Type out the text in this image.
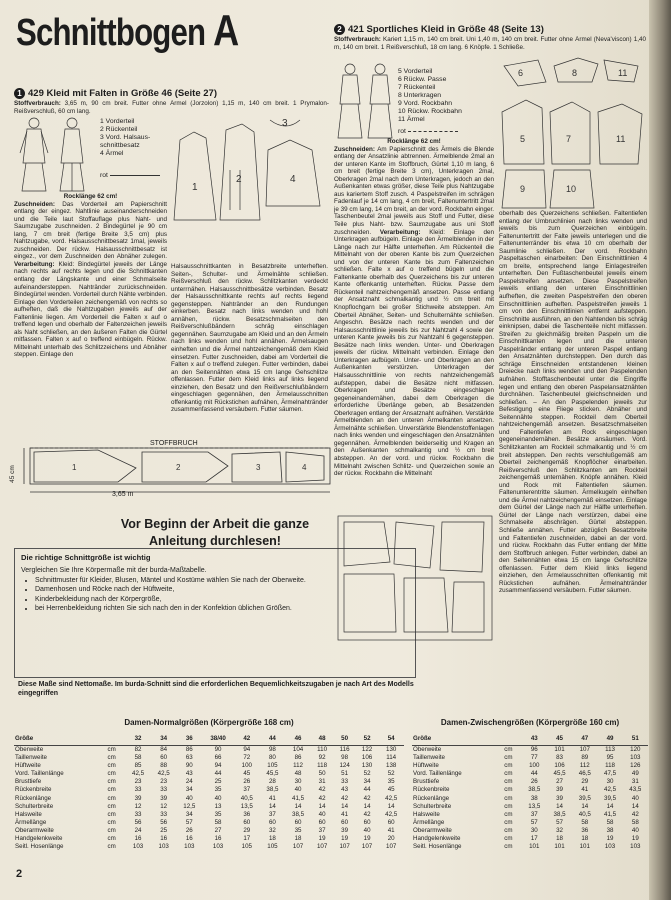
Schnittbogen A
1 429 Kleid mit Falten in Größe 46 (Seite 27)
Stoffverbrauch: 3,65 m, 90 cm breit. Futter ohne Ärmel (Jorzolon) 1,15 m, 140 cm breit. 1 Prymalon-Reißverschluß, 60 cm lang.
1 Vorderteil
2 Rückenteil
3 Vord. Halsaus-
schnittbesatz
4 Ärmel
rot
1
2	4
3
Rocklänge 62 cm!
Zuschneiden: Das Vorderteil am Papierschnitt entlang der eingez. Nahtlinie auseinanderschneiden und die Teile laut Stoffauflage plus Naht- und Saumzugabe zuschneiden. 2 Bindegürtel je 90 cm lang, 7 cm breit (fertige Breite 3,5 cm) plus Nahtzugabe, vord. Halsausschnittbesatz 1mal, jeweils zuschneiden. Der rückw. Halsausschnittbesatz ist eingez., vor dem Zuschneiden den Abnäher zulegen. Verarbeitung: Kleid: Bindegürtel jeweils der Länge nach rechts auf rechts legen und die Schnittkanten entlang der Längskante und einer Schmalseite aufeinandersteppen. Nahtränder zurückschneiden. Bindegürtel wenden. Vorderteil durch Nähte verbinden. Einlage den Vorderteilen zeichengemäß von rechts so aufheften, daß die Nahtzugaben jeweils auf der Faltenlinie liegen. Am Vorderteil die Falten x auf o treffend legen und oberhalb der Faltenzeichen jeweils als Naht schließen, an den äußeren Falten die Gürtel mitfassen. Falten x auf o treffend einbügeln. Rückw. Mittelnaht unterhalb des Schlitzzeichens und Abnäher steppen. Einlage den
Halsausschnittkanten in Besatzbreite unterheften. Seiten-, Schulter- und Ärmelnähte schließen. Reißverschluß den rückw. Schlitzkanten verdeckt unterrnähen. Halsausschnittbesätze verbinden. Besatz der Halsausschnittkante rechts auf rechts liegend gegensteppen. Nahtränder an den Rundungen einkerben. Besatz nach links wenden und hohl annähen, rückw. Besatzschmalseiten den Reißverschlußbändern schräg einschlagen gegennähen. Saumzugabe am Kleid und an den Ärmeln nach links wenden und hohl annähen. Ärmelsaugen einheften und die Ärmel nahtzeichengemäß dem Kleid einsetzen. Futter zuschneiden, dabei am Vorderteil die Falten x auf o treffend zulegen. Futter verbinden, dabei an den Seitennähten etwa 15 cm lange Gehschlitze offenlassen. Futter dem Kleid links auf links liegend einziehen, den Besatz und den Reißverschlußbändern eingeschlagen gegennähen, den Ärmelausschnitten offenkantig mit Rückstichen aufnähen, Ärmelnahtränder zusammenfassend versäubern. Futter säumen.
1	2	3	4
STOFFBRUCH
45 cm
3,65 m
Vor Beginn der Arbeit die ganze
Anleitung durchlesen!
Die richtige Schnittgröße ist wichtig
Vergleichen Sie Ihre Körpermaße mit der burda-Maßtabelle.
• Schnittmuster für Kleider, Blusen, Mäntel und Kostüme wählen Sie nach der Oberweite.
• Damenhosen und Röcke nach der Hüftweite,
• Kinderbekleidung nach der Körpergröße,
• bei Herrenbekleidung richten Sie sich nach den in der Konfektion üblichen Größen.
Diese Maße sind Nettomaße. Im burda-Schnitt sind die erforderlichen Bequemlichkeitszugaben je nach Art des Modells eingegriffen
2 421 Sportliches Kleid in Größe 48 (Seite 13)
Stoffverbrauch: Kariert 1,15 m, 140 cm breit. Uni 1,40 m, 140 cm breit. Futter ohne Ärmel (Neva'viscon) 1,40 m, 140 cm breit. 1 Reißverschluß, 18 cm lang. 6 Knöpfe. 1 Schließe.
5 Vorderteil
6 Rückw. Passe
7 Rückenteil
8 Unterkragen
9 Vord. Rockbahn
10 Rückw. Rockbahn
11 Ärmel
rot
6	8	11
5	7	11
9	10
Rocklänge 62 cm!
Zuschneiden: Am Papierschnitt des Ärmels die Blende entlang der Ansatzlinie abtrennen. Ärmelblende 2mal an der unteren Kante im Stoffbruch, Gürtel 1,10 m lang, 6 cm breit (fertige Breite 3 cm), Unterkragen 2mal, Oberkragen 2mal nach dem Unterkragen, jedoch an den Außenkanten etwas größer, diese Teile plus Nahtzugabe aus kariertem Stoff zusch. 4 Paspelstreifen im schrägen Fadenlauf je 14 cm lang, 4 cm breit, Faltenuntertritt 2mal je 39 cm lang, 14 cm breit, an der vord. Rockbahn einger. Taschenbeutel 2mal jeweils aus Stoff und Futter, diese Teile plus Naht- bzw. Saumzugabe aus uni Stoff zuschneiden. Verarbeitung: Kleid: Einlage den Unterkragen aufbügeln. Einlage den Ärmelblenden in der Länge nach zur Hälfte unterheften. Am Rückenteil die Mittelnaht von der oberen Kante bis zum Querzeichen und von der unteren Kante bis zum Faltenzeichen schließen. Falte x auf o treffend bügeln und die Faltenkante oberhalb des Querzeichens bis zur unteren Kante offenkantig unterheften. Rückw. Passe dem Rückenteil nahtzeichengemäß ansetzen. Passe entlang der Ansatznaht schmalkantig und ½ cm breit mit Knopflochgarn bei großer Stichweite absteppen. Am Oberteil Abnäher, Seiten- und Schulternähte schließen. Angeschn. Besätze nach rechts wenden und der Halsausschnittlinie jeweils bis zur Nahtzahl 4 sowie der unteren Kante jeweils bis zur Nahtzahl 6 gegensteppen. Besätze nach links wenden. Unter- und Oberkragen jeweils der rückw. Mittelnaht verbinden. Einlage den Unterkragen aufbügeln. Unter- und Oberkragen an den Außenkanten verstürzen. Unterkragen der Halsausschnittlinie von rechts nahtzeichengemäß aufsteppen, dabei die Besätze nicht mitfassen. Oberkragen und Besätze eingeschlagen gegeneinandernähen, dabei dem Oberkragen die erforderliche Überlänge geben, ab Besatzenden Oberkragen entlang der Ansatznaht aufnähen. Verstärkte Ärmelblenden an den unteren Ärmelkanten ansetzen. Ärmelnähte schließen. Unverstärkte Blendenstoffenlagen nach links wenden und eingeschlagen den Ansatznähten gegennähen. Ärmelblenden beiderseitig und Kragen an den Außenkanten schmalkantig und ½ cm breit absteppen. An der vord. und rückw. Rockbahn die Mittelnaht zwischen Schlitz- und Querzeichen sowie an der rückw. Rockbahn die Mittelnaht
oberhalb des Querzeichens schließen. Faltentiefen entlang der Umbruchlinien nach links wenden und jeweils bis zum Querzeichen einbügeln. Faltenuntertritt der Falte jeweils unterlegen und die Faltenunterränder bis etwa 10 cm oberhalb der Saumlinie schließen. Der vord. Rockbahn Paspeltaschen einarbeiten: Den Einschnittlinien 4 cm breite, entsprechend lange Einlagestreifen unterheften. Den Fußtaschenbeutel jeweils einem Paspelstreifen ansetzen. Diese Paspelstreifen jeweils entlang den unteren Einschnittlinien aufheften, die zweiten Paspelstreifen den oberen Einschnittlinien aufheften. Paspelstreifen jeweils 1 cm von den Einschnittlinien entfernt aufsteppen. Einschnitte ausführen, an den Nahtenden bis schräg einknipsen, dabei die Taschenteile nicht mitfassen. Streifen zu gleichmäßig breiten Paspeln um die Einschnittkanten legen und die unteren Paspelränder entlang der unteren Paspel entlang den Ansatznähten durchsteppen. Den durch das schräge Einschneiden entstandenen kleinen Dreiecke nach links wenden und den Paspelenden aufnähen. Stofftaschenbeutel unter die Eingriffe legen und entlang den oberen Paspelansatznähten durchnähen. Taschenbeutel gleichschneiden und schließen. – An den Paspelenden jeweils zur Befestigung eine Fliege sticken. Abnäher und Seitennähte steppen. Rockteil dem Oberteil nahtzeichengemäß ansetzen. Besatzschmalseiten und Faltentiefen am Rock eingeschlagen gegeneinandernähen. Besätze ansäumen. Vord. Schlitzkanten am Rockteil schmalkantig und ½ cm breit absteppen. Den rechts verschlußgemäß am Oberteil zeichengemäß Knopflöcher einarbeiten. Reißverschluß den Schlitzkanten am Rockteil zeichengemäß unternähen. Knöpfe annähen. Kleid und Rock mit Faltentiefen säumen. Faltenunterentritte säumen. Ärmelkugeln einheften und die Ärmel nahtzeichengemäß einsetzen. Einlage dem Gürtel der Länge nach zur Hälfte unterheften. Gürtel der Länge nach verstürzen, dabei eine Schmalseite abschrägen. Gürtel absteppen. Schließe annähen. Futter abzüglich Besatzbreite und Faltentiefen zuschneiden, dabei an der vord. und rückw. Rockbahn das Futter entlang der Mitte dem Stoffbruch anlegen. Futter verbinden, dabei an den Seitennähten etwa 15 cm lange Gehschlitze offenlassen. Futter dem Kleid links liegend einziehen, den Ärmelausschnitten offenkantig mit Rückstichen aufnähen. Ärmelnahtränder zusammenfassend versäubern. Futter säumen.
Damen-Normalgrößen (Körpergröße 168 cm)
Größe		32	34	36	38/40	42	44	46	48	50	52	54
Oberweite	cm	82	84	86	90	94	98	104	110	116	122	130
Taillenweite	cm	58	60	63	66	72	80	86	92	98	106	114
Hüftweite	cm	85	88	90	94	100	105	112	118	124	130	138
Vord. Taillenlänge	cm	42,5	42,5	43	44	45	45,5	48	50	51	52	52
Brusttiefe	cm	23	23	24	25	26	28	30	31	33	34	35
Rückenbreite	cm	33	33	34	35	37	38,5	40	42	43	44	45
Rückenlänge	cm	39	39	40	40	40,5	41	41,5	42	42	42	42,5
Schulterbreite	cm	12	12	12,5	13	13,5	14	14	14	14	14	14
Halsweite	cm	33	33	34	35	36	37	38,5	40	41	42	42,5
Ärmellänge	cm	56	56	57	58	60	60	60	60	60	60	60
Oberarmweite	cm	24	25	26	27	29	32	35	37	39	40	41
Handgelenkweite	cm	16	16	16	16	17	18	18	19	19	19	20
Seitl. Hosenlänge	cm	103	103	103	103	105	105	107	107	107	107	107
Damen-Zwischengrößen (Körpergröße 160 cm)
Größe		43	45	47	49	51
Oberweite	cm	96	101	107	113	120
Taillenweite	cm	77	83	89	95	103
Hüftweite	cm	100	106	112	118	126
Vord. Taillenlänge	cm	44	45,5	46,5	47,5	49
Brusttiefe	cm	26	27	29	30	31
Rückenbreite	cm	38,5	39	41	42,5	43,5
Rückenlänge	cm	38	39	39,5	39,5	40
Schulterbreite	cm	13,5	14	14	14	14
Halsweite	cm	37	38,5	40,5	41,5	42
Ärmellänge	cm	57	57	58	58	58
Oberarmweite	cm	30	32	36	38	40
Handgelenkweite	cm	17	18	18	19	19
Seitl. Hosenlänge	cm	101	101	101	103	103
2
